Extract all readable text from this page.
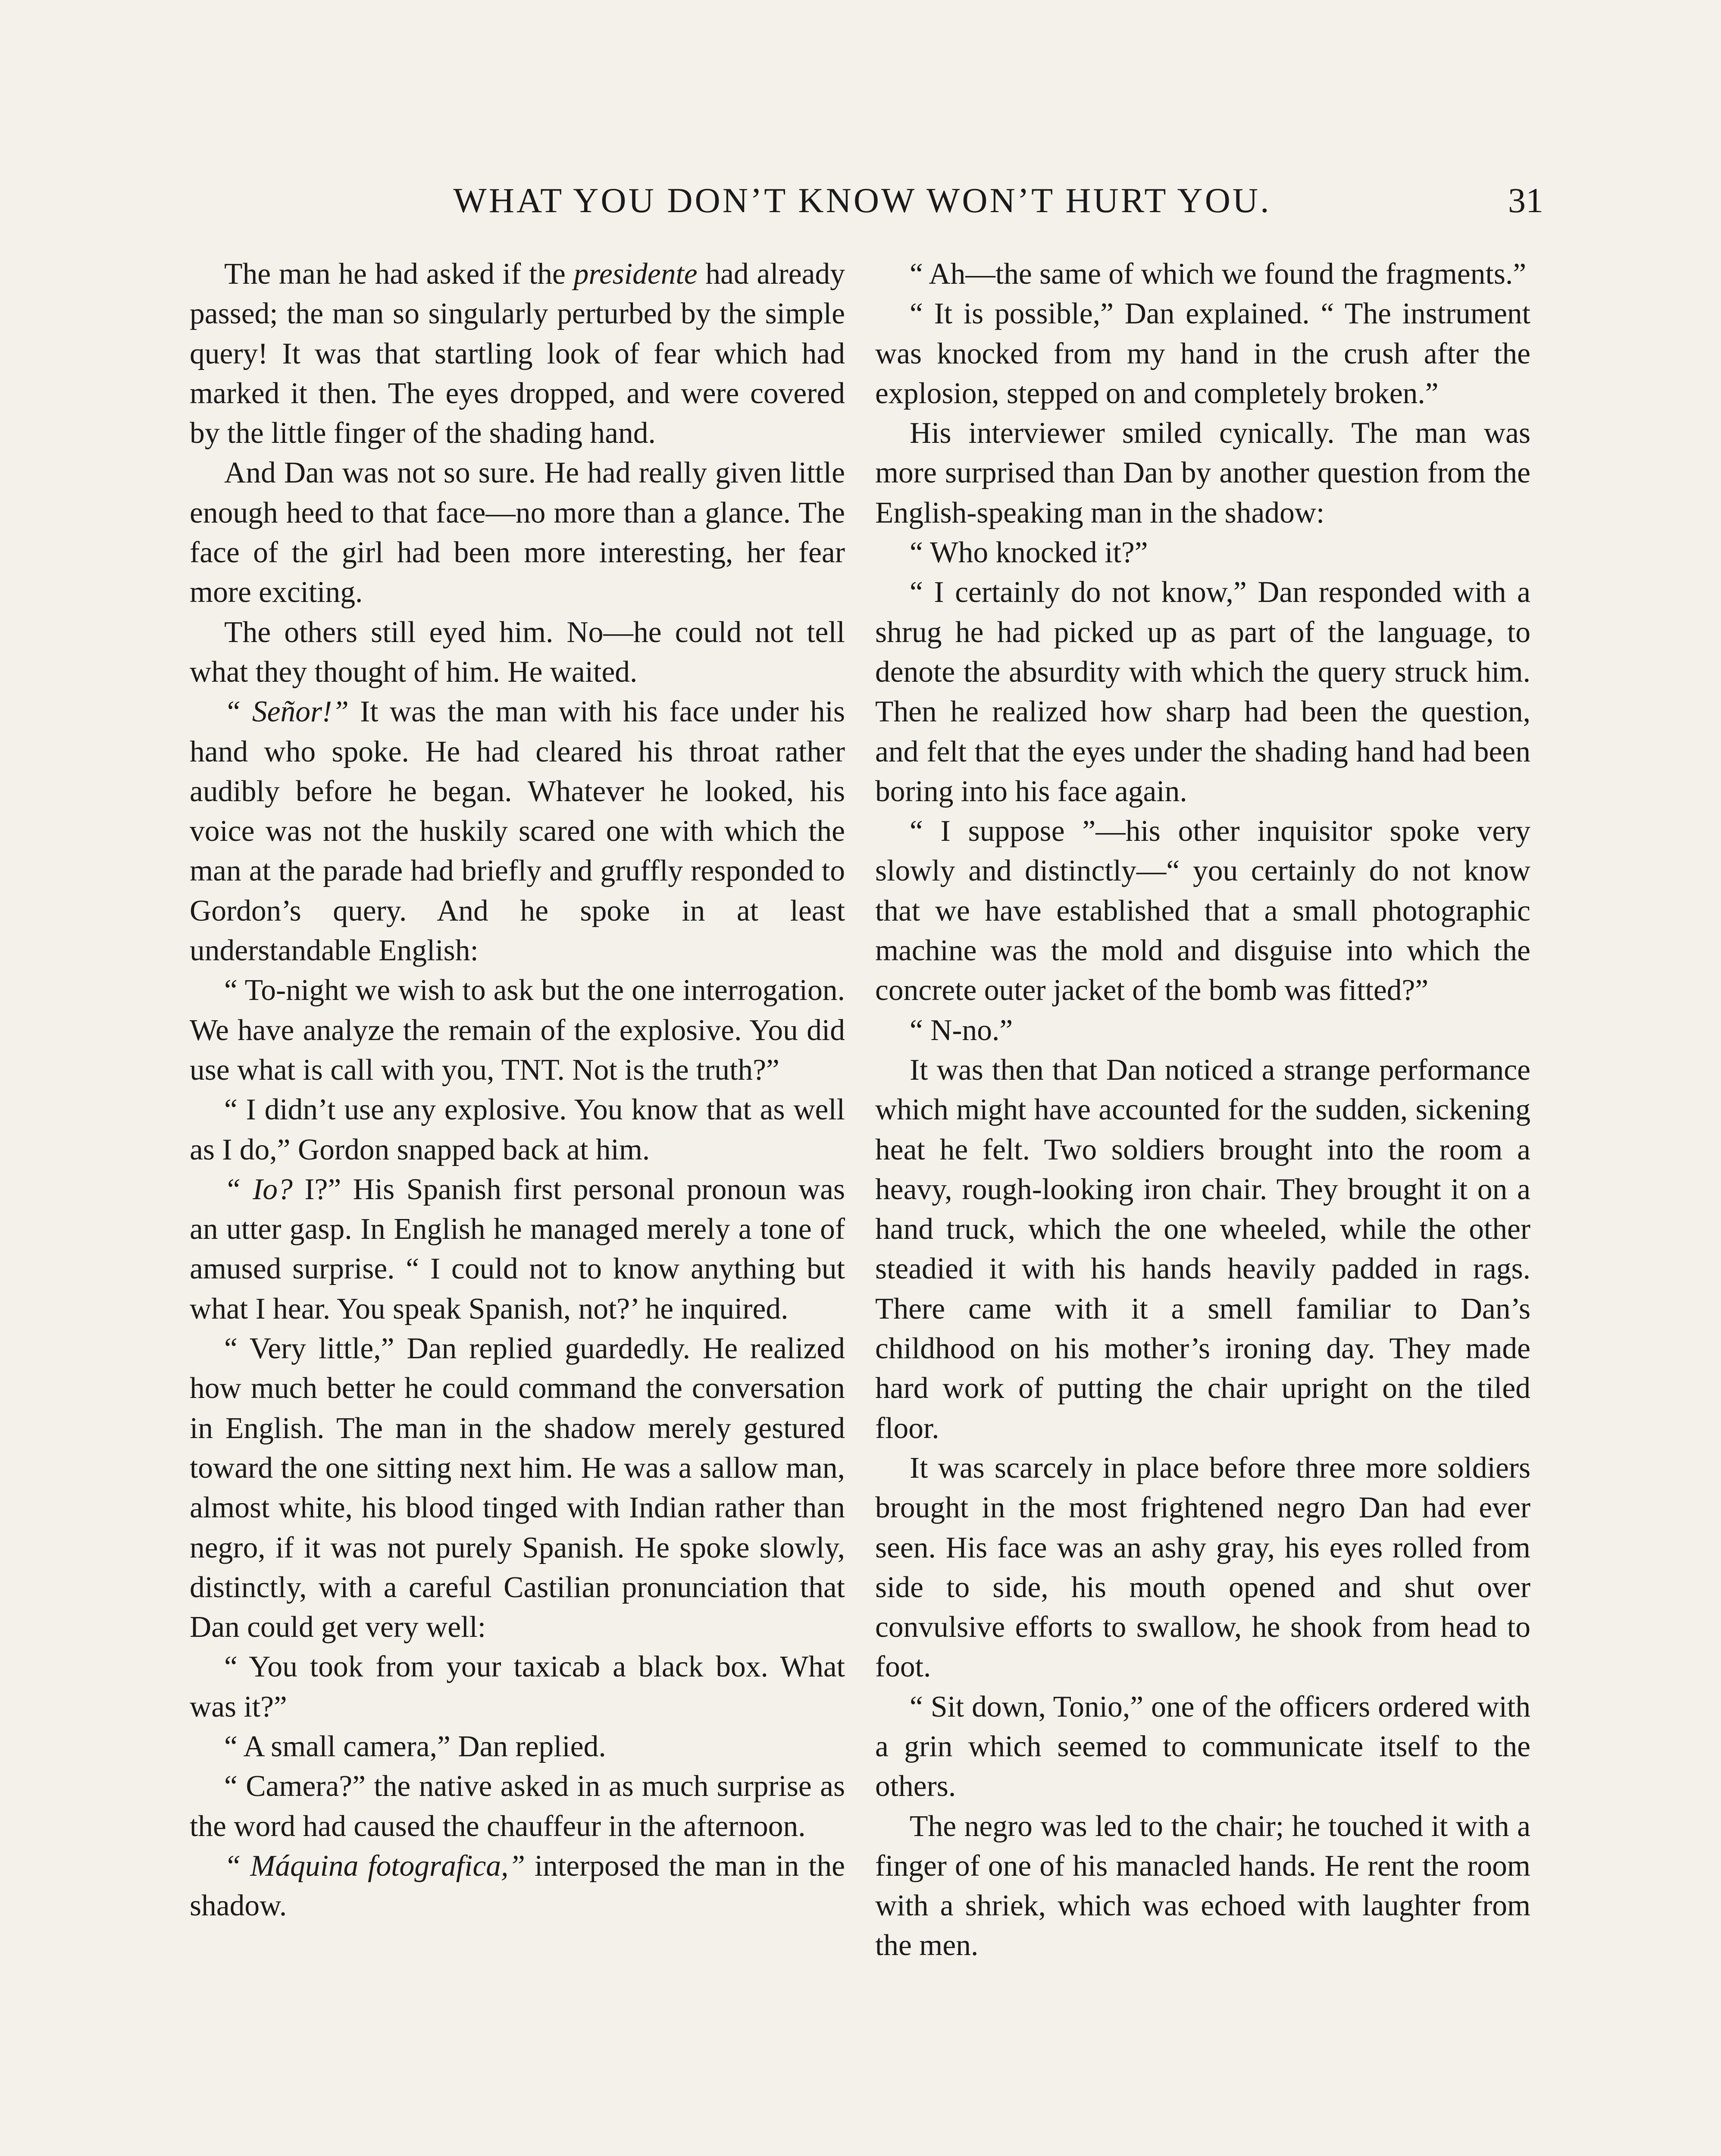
WHAT YOU DON’T KNOW WON’T HURT YOU.	31

The man he had asked if the presidente had already passed; the man so singularly perturbed by the simple query! It was that startling look of fear which had marked it then. The eyes dropped, and were covered by the little finger of the shading hand.

And Dan was not so sure. He had really given little enough heed to that face—no more than a glance. The face of the girl had been more interesting, her fear more exciting.

The others still eyed him. No—he could not tell what they thought of him. He waited.

“ Señor!” It was the man with his face under his hand who spoke. He had cleared his throat rather audibly before he began. Whatever he looked, his voice was not the huskily scared one with which the man at the parade had briefly and gruffly responded to Gordon’s query. And he spoke in at least understandable English:

“ To-night we wish to ask but the one interrogation. We have analyze the remain of the explosive. You did use what is call with you, TNT. Not is the truth?”

“ I didn’t use any explosive. You know that as well as I do,” Gordon snapped back at him.

“ Io? I?” His Spanish first personal pronoun was an utter gasp. In English he managed merely a tone of amused surprise. “ I could not to know anything but what I hear. You speak Spanish, not?’ he inquired.

“ Very little,” Dan replied guardedly. He realized how much better he could command the conversation in English. The man in the shadow merely gestured toward the one sitting next him. He was a sallow man, almost white, his blood tinged with Indian rather than negro, if it was not purely Spanish. He spoke slowly, distinctly, with a careful Castilian pronunciation that Dan could get very well:

“ You took from your taxicab a black box. What was it?”

“ A small camera,” Dan replied.

“ Camera?” the native asked in as much surprise as the word had caused the chauffeur in the afternoon.

“ Máquina fotografica,” interposed the man in the shadow.

“ Ah—the same of which we found the fragments.”

“ It is possible,” Dan explained. “ The instrument was knocked from my hand in the crush after the explosion, stepped on and completely broken.”

His interviewer smiled cynically. The man was more surprised than Dan by another question from the English-speaking man in the shadow:

“ Who knocked it?”

“ I certainly do not know,” Dan responded with a shrug he had picked up as part of the language, to denote the absurdity with which the query struck him. Then he realized how sharp had been the question, and felt that the eyes under the shading hand had been boring into his face again.

“ I suppose ”—his other inquisitor spoke very slowly and distinctly—“ you certainly do not know that we have established that a small photographic machine was the mold and disguise into which the concrete outer jacket of the bomb was fitted?”

“ N-no.”

It was then that Dan noticed a strange performance which might have accounted for the sudden, sickening heat he felt. Two soldiers brought into the room a heavy, rough-looking iron chair. They brought it on a hand truck, which the one wheeled, while the other steadied it with his hands heavily padded in rags. There came with it a smell familiar to Dan’s childhood on his mother’s ironing day. They made hard work of putting the chair upright on the tiled floor.

It was scarcely in place before three more soldiers brought in the most frightened negro Dan had ever seen. His face was an ashy gray, his eyes rolled from side to side, his mouth opened and shut over convulsive efforts to swallow, he shook from head to foot.

“ Sit down, Tonio,” one of the officers ordered with a grin which seemed to communicate itself to the others.

The negro was led to the chair; he touched it with a finger of one of his manacled hands. He rent the room with a shriek, which was echoed with laughter from the men.
